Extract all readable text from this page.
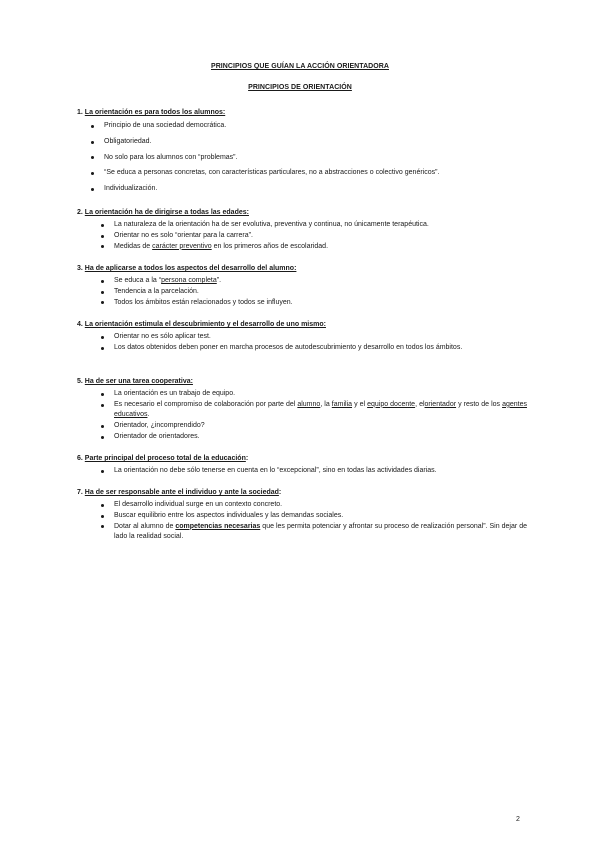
PRINCIPIOS QUE GUÍAN LA ACCIÓN ORIENTADORA
PRINCIPIOS DE ORIENTACIÓN
1. La orientación es para todos los alumnos:
Principio de una sociedad democrática.
Obligatoriedad.
No solo para los alumnos con “problemas”.
“Se educa a personas concretas, con características particulares, no a abstracciones o colectivo genéricos”.
Individualización.
2. La orientación ha de dirigirse a todas las edades:
La naturaleza de la orientación ha de ser evolutiva, preventiva y continua, no únicamente terapéutica.
Orientar no es solo “orientar para la carrera”.
Medidas de carácter preventivo en los primeros años de escolaridad.
3. Ha de aplicarse a todos los aspectos del desarrollo del alumno:
Se educa a la “persona completa”.
Tendencia a la parcelación.
Todos los ámbitos están relacionados y todos se influyen.
4. La orientación estimula el descubrimiento y el desarrollo de uno mismo:
Orientar no es sólo aplicar test.
Los datos obtenidos deben poner en marcha procesos de autodescubrimiento y desarrollo en todos los ámbitos.
5. Ha de ser una tarea cooperativa:
La orientación es un trabajo de equipo.
Es necesario el compromiso de colaboración por parte del alumno, la familia y el equipo docente, elorientador y resto de los agentes educativos.
Orientador, ¿incomprendido?
Orientador de orientadores.
6. Parte principal del proceso total de la educación:
La orientación no debe sólo tenerse en cuenta en lo “excepcional”, sino en todas las actividades diarias.
7. Ha de ser responsable ante el individuo y ante la sociedad:
El desarrollo individual surge en un contexto concreto.
Buscar equilibrio entre los aspectos individuales y las demandas sociales.
Dotar al alumno de competencias necesarias que les permita potenciar y afrontar su proceso de realización personal”. Sin dejar de lado la realidad social.
2
